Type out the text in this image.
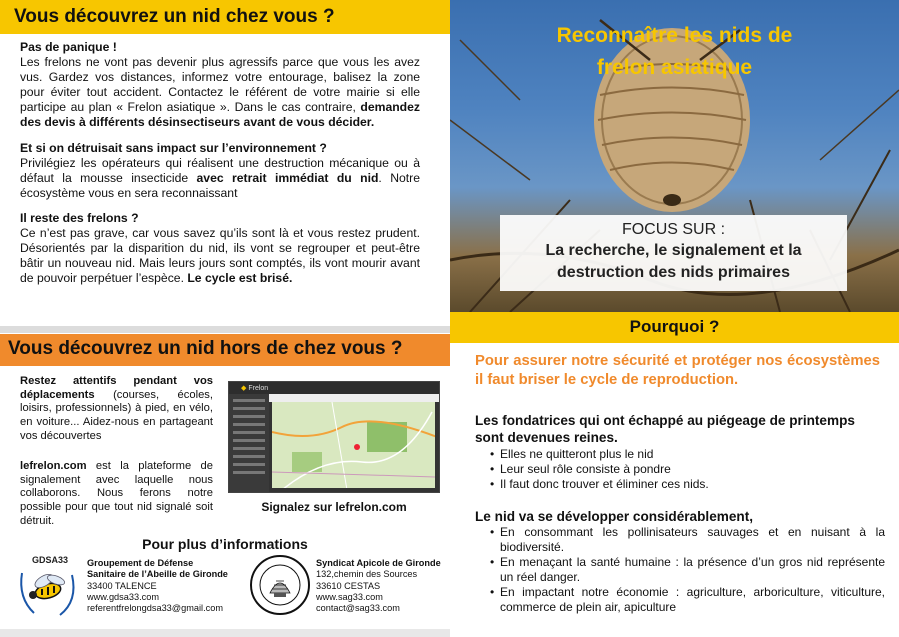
Vous découvrez un nid chez vous ?

Pas de panique !

Les frelons ne vont pas devenir plus agressifs parce que vous les avez vus. Gardez vos distances, informez votre entourage, balisez la zone pour éviter tout accident. Contactez le référent de votre mairie si elle participe au plan « Frelon asiatique ». Dans le cas contraire, demandez des devis à différents désinsectiseurs avant de vous décider.

Et si on détruisait sans impact sur l’environnement ?

Privilégiez les opérateurs qui réalisent une destruction mécanique ou à défaut la mousse insecticide avec retrait immédiat du nid. Notre écosystème vous en sera reconnaissant

Il reste des frelons ?

Ce n’est pas grave, car vous savez qu’ils sont là et vous restez prudent. Désorientés par la disparition du nid, ils vont se regrouper et peut-être bâtir un nouveau nid. Mais leurs jours sont comptés, ils vont mourir avant de pouvoir perpétuer l’espèce. Le cycle est brisé.

Vous découvrez un nid hors de chez vous ?

Restez attentifs pendant vos déplacements (courses, écoles, loisirs, professionnels) à pied, en vélo, en voiture... Aidez-nous en partageant vos découvertes

lefrelon.com est la plateforme de signalement avec laquelle nous collaborons. Nous ferons notre possible pour que tout nid signalé soit détruit.

◆ Frelon
Signalez sur lefrelon.com
Pour plus d’informations
GDSA33 Groupement de Défense
Sanitaire de l’Abeille de Gironde
33400 TALENCE
www.gdsa33.com
referentfrelongdsa33@gmail.com
Syndicat Apicole de Gironde
132,chemin des Sources
33610 CESTAS
www.sag33.com
contact@sag33.com
Reconnaître les nids de
frelon asiatique
FOCUS SUR :
La recherche, le signalement et la
destruction des nids primaires
Pourquoi ?

Pour assurer notre sécurité et protéger nos écosystèmes il faut briser le cycle de reproduction.

Les fondatrices qui ont échappé au piégeage de printemps sont devenues reines.

• Elles ne quitteront plus le nid
• Leur seul rôle consiste à pondre
• Il faut donc trouver et éliminer ces nids.

Le nid va se développer considérablement,

• En consommant les pollinisateurs sauvages et en nuisant à la biodiversité.
• En menaçant la santé humaine : la présence d’un gros nid représente un réel danger.
• En impactant notre économie : agriculture, arboriculture, viticulture, commerce de plein air, apiculture
